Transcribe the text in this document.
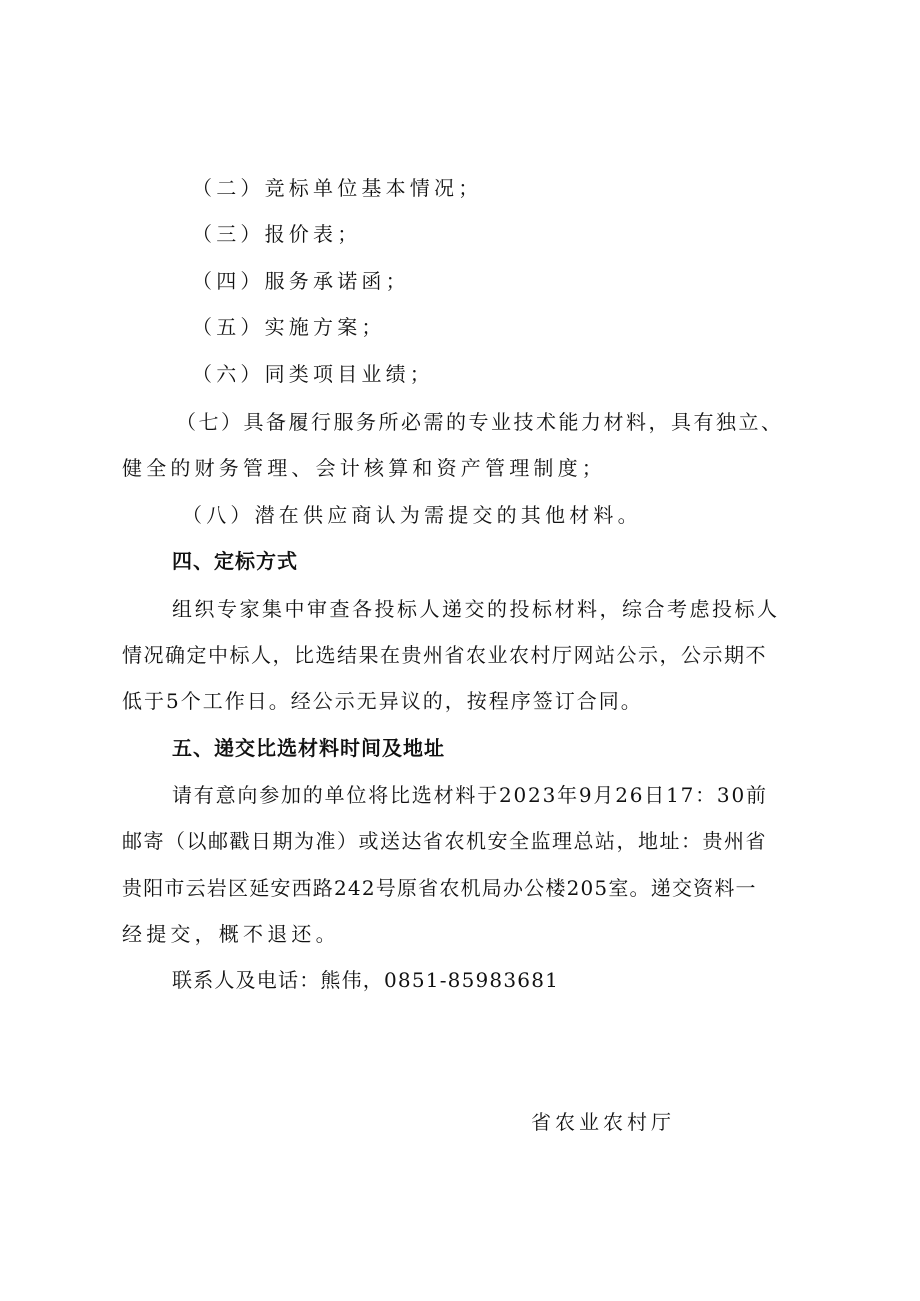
（二）竞标单位基本情况；
（三）报价表；
（四）服务承诺函；
（五）实施方案；
（六）同类项目业绩；
（七）具备履行服务所必需的专业技术能力材料，具有独立、
健全的财务管理、会计核算和资产管理制度；
（八）潜在供应商认为需提交的其他材料。
四、定标方式
组织专家集中审查各投标人递交的投标材料，综合考虑投标人
情况确定中标人，比选结果在贵州省农业农村厅网站公示，公示期不
低于5个工作日。经公示无异议的，按程序签订合同。
五、递交比选材料时间及地址
请有意向参加的单位将比选材料于2023年9月26日17：30前
邮寄（以邮戳日期为准）或送达省农机安全监理总站，地址：贵州省
贵阳市云岩区延安西路242号原省农机局办公楼205室。递交资料一
经提交，概不退还。
联系人及电话：熊伟，0851-85983681
省农业农村厅
